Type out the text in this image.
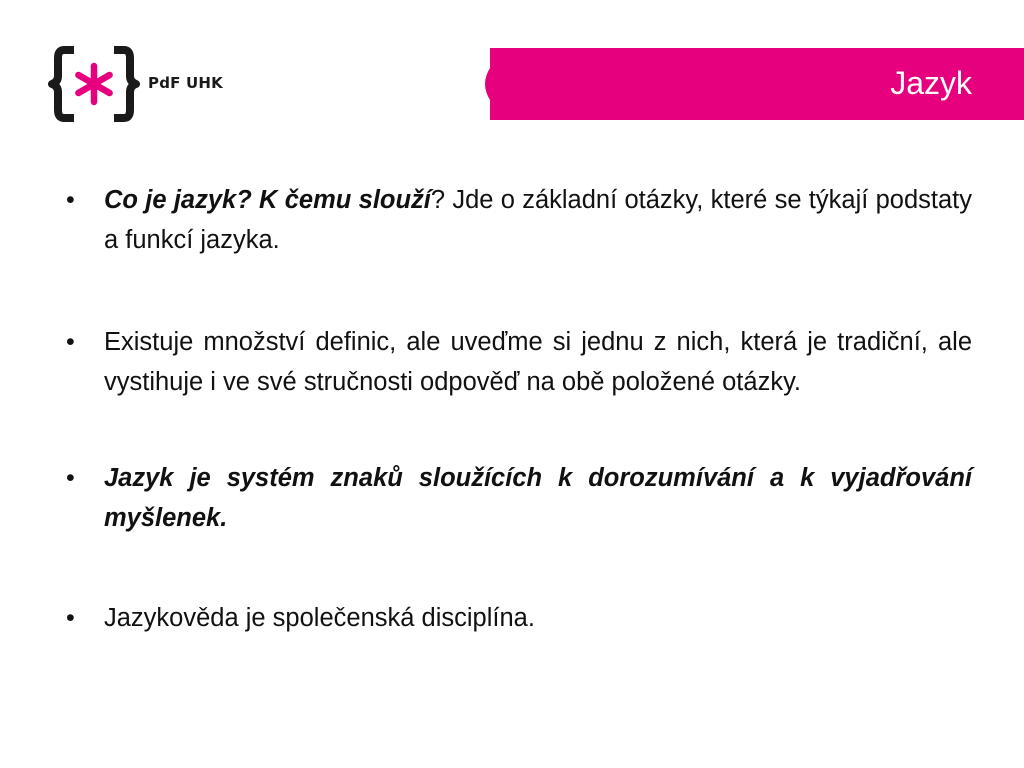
PdF UHK	Jazyk
• Co je jazyk? K čemu slouží? Jde o základní otázky, které se týkají podstaty a funkcí jazyka.
• Existuje množství definic, ale uveďme si jednu z nich, která je tradiční, ale vystihuje i ve své stručnosti odpověď na obě položené otázky.
• Jazyk je systém znaků sloužících k dorozumívání a k vyjadřování myšlenek.
• Jazykověda je společenská disciplína.
